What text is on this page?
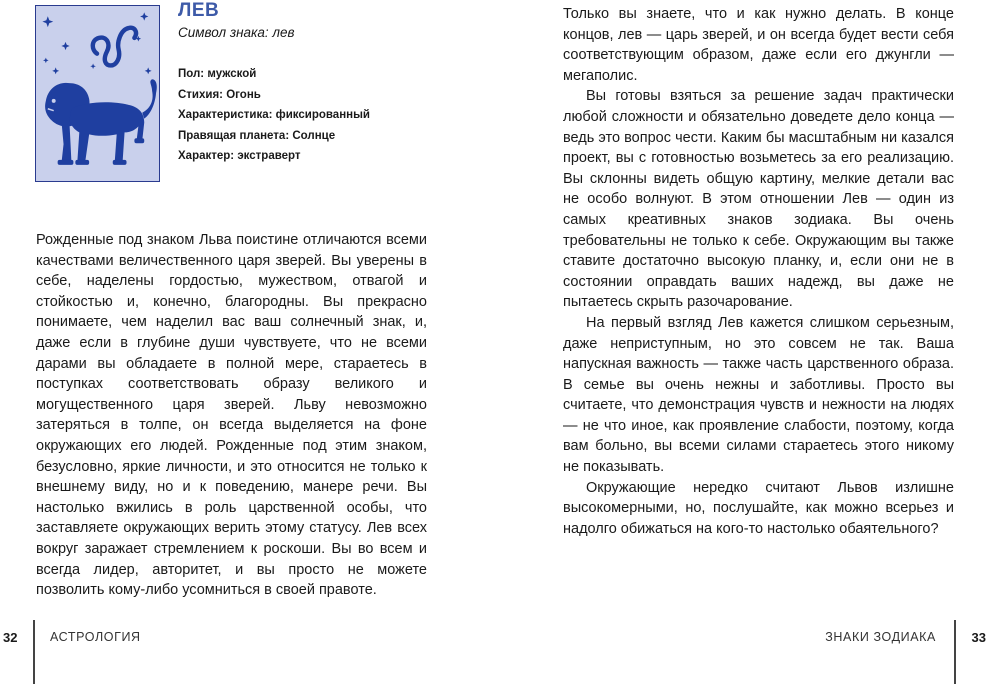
ЛЕВ
Символ знака: лев
Пол: мужской
Стихия: Огонь
Характеристика: фиксированный
Правящая планета: Солнце
Характер: экстраверт

Рожденные под знаком Льва поистине отличаются всеми качествами величественного царя зверей. Вы уверены в себе, наделены гордостью, мужеством, отвагой и стойкостью и, конечно, благородны. Вы прекрасно понимаете, чем наделил вас ваш солнечный знак, и, даже если в глубине души чувствуете, что не всеми дарами вы обладаете в полной мере, стараетесь в поступках соответствовать образу великого и могущественного царя зверей. Льву невозможно затеряться в толпе, он всегда выделяется на фоне окружающих его людей. Рожденные под этим знаком, безусловно, яркие личности, и это относится не только к внешнему виду, но и к поведению, манере речи. Вы настолько вжились в роль царственной особы, что заставляете окружающих верить этому статусу. Лев всех вокруг заражает стремлением к роскоши. Вы во всем и всегда лидер, авторитет, и вы просто не можете позволить кому-либо усомниться в своей правоте.

32	АСТРОЛОГИЯ

Только вы знаете, что и как нужно делать. В конце концов, лев — царь зверей, и он всегда будет вести себя соответствующим образом, даже если его джунгли — мегаполис.

Вы готовы взяться за решение задач практически любой сложности и обязательно доведете дело конца — ведь это вопрос чести. Каким бы масштабным ни казался проект, вы с готовностью возьметесь за его реализацию. Вы склонны видеть общую картину, мелкие детали вас не особо волнуют. В этом отношении Лев — один из самых креативных знаков зодиака. Вы очень требовательны не только к себе. Окружающим вы также ставите достаточно высокую планку, и, если они не в состоянии оправдать ваших надежд, вы даже не пытаетесь скрыть разочарование.

На первый взгляд Лев кажется слишком серьезным, даже неприступным, но это совсем не так. Ваша напускная важность — также часть царственного образа. В семье вы очень нежны и заботливы. Просто вы считаете, что демонстрация чувств и нежности на людях — не что иное, как проявление слабости, поэтому, когда вам больно, вы всеми силами стараетесь этого никому не показывать.

Окружающие нередко считают Львов излишне высокомерными, но, послушайте, как можно всерьез и надолго обижаться на кого-то настолько обаятельного?

ЗНАКИ ЗОДИАКА	33
